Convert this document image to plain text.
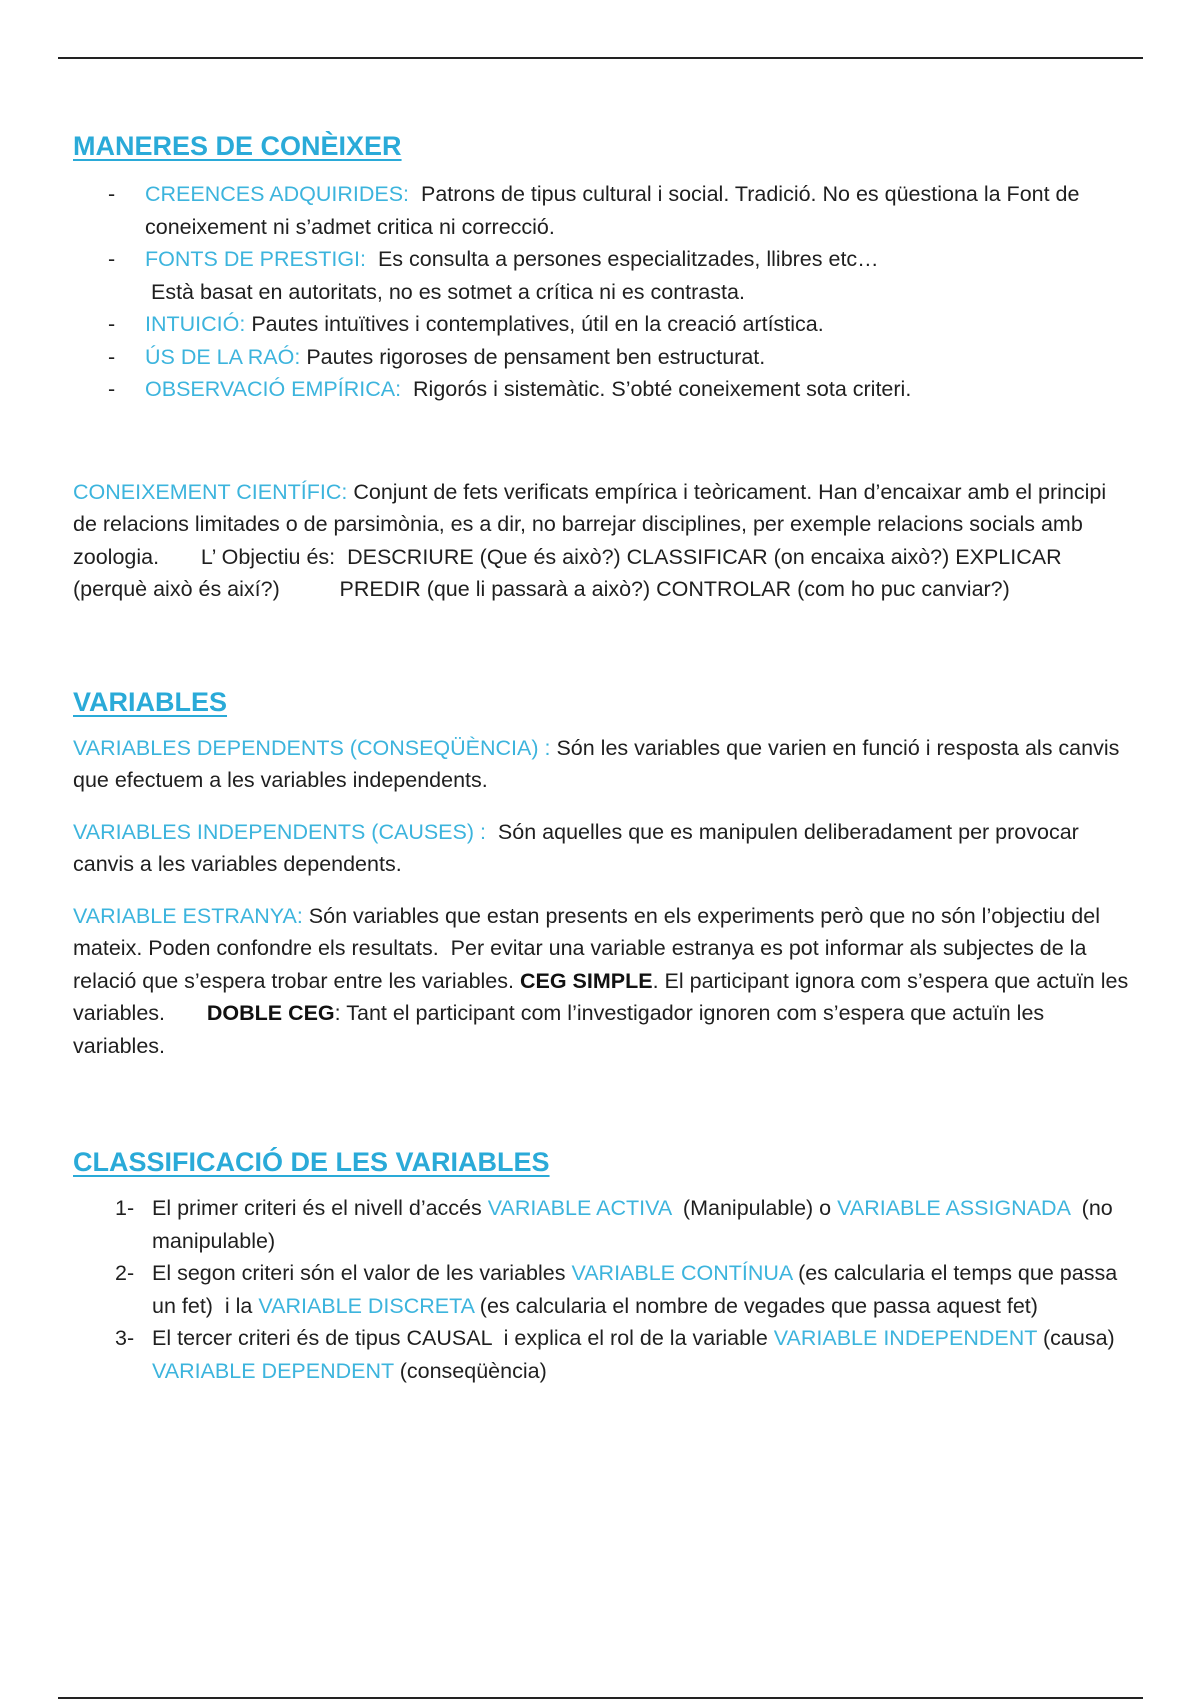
MANERES DE CONÈIXER
- CREENCES ADQUIRIDES:  Patrons de tipus cultural i social. Tradició. No es qüestiona la Font de coneixement ni s’admet critica ni correcció.
- FONTS DE PRESTIGI:  Es consulta a persones especialitzades, llibres etc…
Està basat en autoritats, no es sotmet a crítica ni es contrasta.
- INTUICIÓ: Pautes intuïtives i contemplatives, útil en la creació artística.
- ÚS DE LA RAÓ: Pautes rigoroses de pensament ben estructurat.
- OBSERVACIÓ EMPÍRICA:  Rigorós i sistemàtic. S’obté coneixement sota criteri.

CONEIXEMENT CIENTÍFIC: Conjunt de fets verificats empírica i teòricament. Han d’encaixar amb el principi de relacions limitades o de parsimònia, es a dir, no barrejar disciplines, per exemple relacions socials amb zoologia.       L’ Objectiu és:  DESCRIURE (Que és això?) CLASSIFICAR (on encaixa això?) EXPLICAR (perquè això és així?)          PREDIR (que li passarà a això?) CONTROLAR (com ho puc canviar?)

VARIABLES

VARIABLES DEPENDENTS (CONSEQÜÈNCIA) : Són les variables que varien en funció i resposta als canvis que efectuem a les variables independents.

VARIABLES INDEPENDENTS (CAUSES) :  Són aquelles que es manipulen deliberadament per provocar canvis a les variables dependents.

VARIABLE ESTRANYA: Són variables que estan presents en els experiments però que no són l’objectiu del mateix. Poden confondre els resultats.  Per evitar una variable estranya es pot informar als subjectes de la relació que s’espera trobar entre les variables. CEG SIMPLE. El participant ignora com s’espera que actuïn les variables.       DOBLE CEG: Tant el participant com l’investigador ignoren com s’espera que actuïn les variables.

CLASSIFICACIÓ DE LES VARIABLES
1- El primer criteri és el nivell d’accés VARIABLE ACTIVA  (Manipulable) o VARIABLE ASSIGNADA  (no manipulable)
2- El segon criteri són el valor de les variables VARIABLE CONTÍNUA (es calcularia el temps que passa un fet)  i la VARIABLE DISCRETA (es calcularia el nombre de vegades que passa aquest fet)
3- El tercer criteri és de tipus CAUSAL  i explica el rol de la variable VARIABLE INDEPENDENT (causa)    VARIABLE DEPENDENT (conseqüència)
